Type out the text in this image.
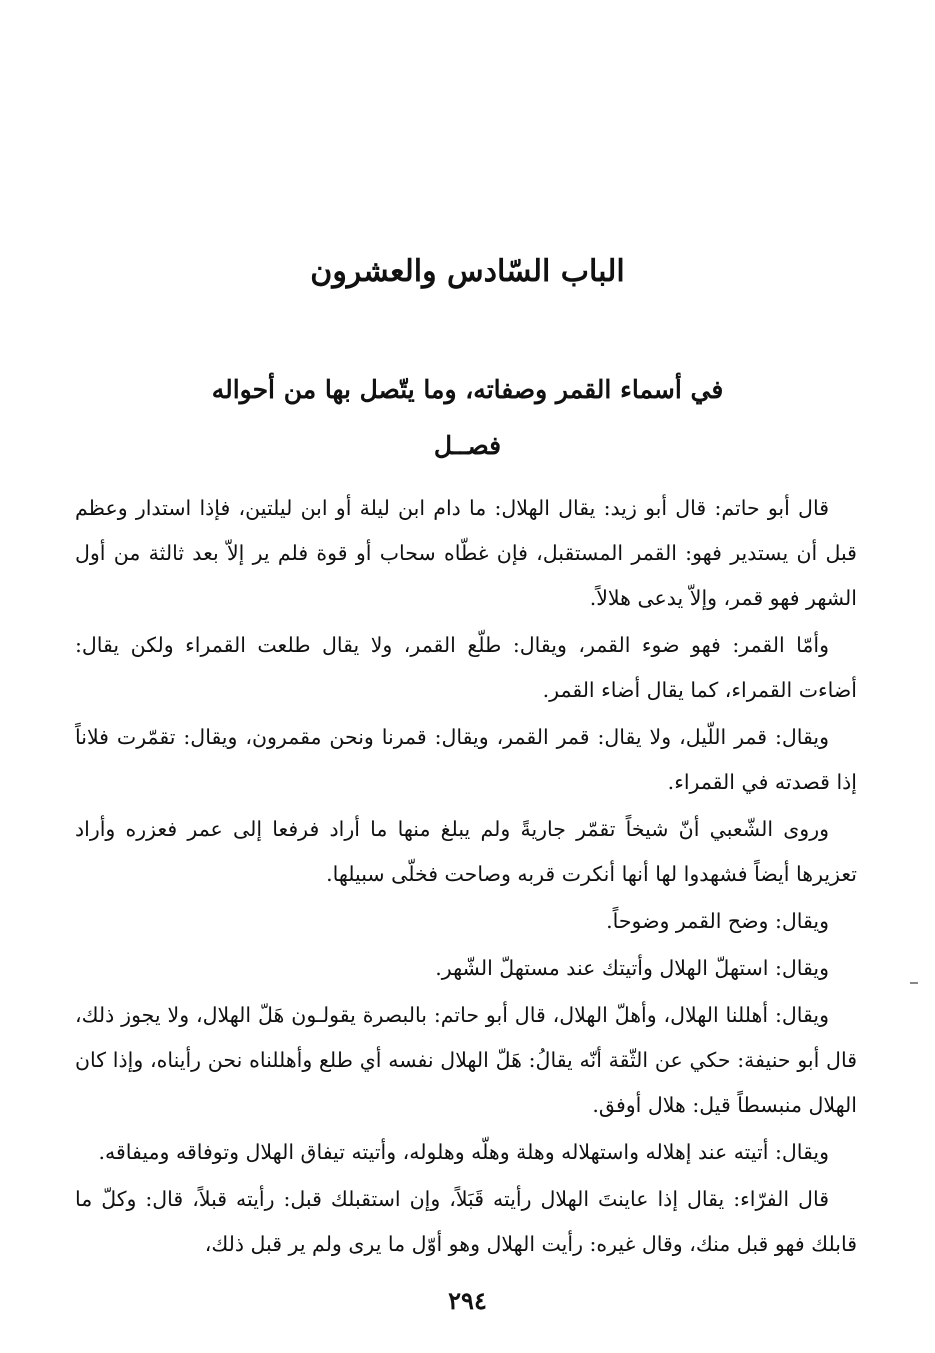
الباب السّادس والعشرون
في أسماء القمر وصفاته، وما يتّصل بها من أحواله
فصــل

قال أبو حاتم: قال أبو زيد: يقال الهلال: ما دام ابن ليلة أو ابن ليلتين، فإذا استدار وعظم قبل أن يستدير فهو: القمر المستقبل، فإن غطّاه سحاب أو قوة فلم ير إلاّ بعد ثالثة من أول الشهر فهو قمر، وإلاّ يدعى هلالاً.

وأمّا القمر: فهو ضوء القمر، ويقال: طلّع القمر، ولا يقال طلعت القمراء ولكن يقال: أضاءت القمراء، كما يقال أضاء القمر.

ويقال: قمر اللّيل، ولا يقال: قمر القمر، ويقال: قمرنا ونحن مقمرون، ويقال: تقمّرت فلاناً إذا قصدته في القمراء.

وروى الشّعبي أنّ شيخاً تقمّر جاريةً ولم يبلغ منها ما أراد فرفعا إلى عمر فعزره وأراد تعزيرها أيضاً فشهدوا لها أنها أنكرت قربه وصاحت فخلّى سبيلها.

ويقال: وضح القمر وضوحاً.

ويقال: استهلّ الهلال وأتيتك عند مستهلّ الشّهر.

ويقال: أهللنا الهلال، وأهلّ الهلال، قال أبو حاتم: بالبصرة يقولـون هَلّ الهلال، ولا يجوز ذلك، قال أبو حنيفة: حكي عن الثّقة أنّه يقالُ: هَلّ الهلال نفسه أي طلع وأهللناه نحن رأيناه، وإذا كان الهلال منبسطاً قيل: هلال أوفق.

ويقال: أتيته عند إهلاله واستهلاله وهلة وهلّه وهلوله، وأتيته تيفاق الهلال وتوفاقه وميفاقه.

قال الفرّاء: يقال إذا عاينتَ الهلال رأيته قَبَلاً، وإن استقبلك قبل: رأيته قبلاً، قال: وكلّ ما قابلك فهو قبل منك، وقال غيره: رأيت الهلال وهو أوّل ما يرى ولم ير قبل ذلك،

٢٩٤
